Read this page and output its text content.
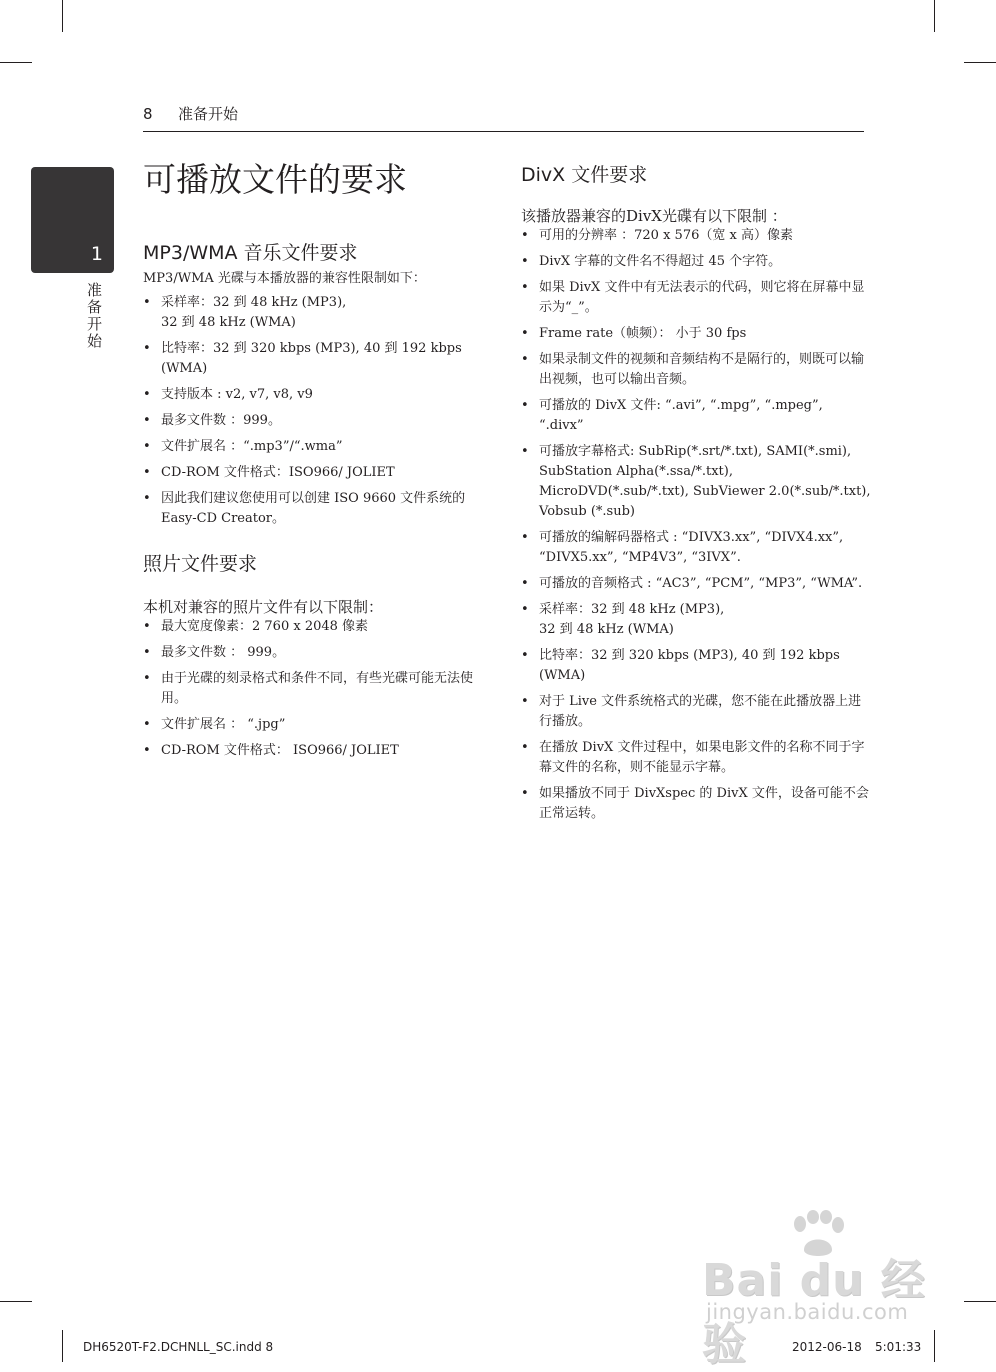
8 准备开始
1
准备开始
可播放文件的要求
MP3/WMA 音乐文件要求

MP3/WMA 光碟与本播放器的兼容性限制如下：

• 采样率：32 到 48 kHz (MP3),
32 到 48 kHz (WMA)
• 比特率：32 到 320 kbps (MP3), 40 到 192 kbps (WMA)
• 支持版本 : v2, v7, v8, v9
• 最多文件数 ：999。
• 文件扩展名 ：“.mp3”/“.wma”
• CD-ROM 文件格式：ISO966/ JOLIET
• 因此我们建议您使用可以创建 ISO 9660 文件系统的 Easy-CD Creator。
照片文件要求

本机对兼容的照片文件有以下限制：

• 最大宽度像素：2 760 x 2048 像素
• 最多文件数 ： 999。
• 由于光碟的刻录格式和条件不同，有些光碟可能无法使用。
• 文件扩展名 ： “.jpg”
• CD-ROM 文件格式： ISO966/ JOLIET
DivX 文件要求

该播放器兼容的DivX光碟有以下限制 ：

• 可用的分辨率 ：720 x 576（宽 x 高）像素
• DivX 字幕的文件名不得超过 45 个字符。
• 如果 DivX 文件中有无法表示的代码，则它将在屏幕中显示为“_”。
• Frame rate（帧频）： 小于 30 fps
• 如果录制文件的视频和音频结构不是隔行的，则既可以输出视频，也可以输出音频。
• 可播放的 DivX 文件: “.avi”, “.mpg”, “.mpeg”, “.divx”
• 可播放字幕格式: SubRip(*.srt/*.txt), SAMI(*.smi), SubStation Alpha(*.ssa/*.txt), MicroDVD(*.sub/*.txt), SubViewer 2.0(*.sub/*.txt), Vobsub (*.sub)
• 可播放的编解码器格式 : “DIVX3.xx”, “DIVX4.xx”, “DIVX5.xx”, “MP4V3”, “3IVX”.
• 可播放的音频格式 : “AC3”, “PCM”, “MP3”, “WMA”.
• 采样率：32 到 48 kHz (MP3),
32 到 48 kHz (WMA)
• 比特率：32 到 320 kbps (MP3), 40 到 192 kbps (WMA)
• 对于 Live 文件系统格式的光碟，您不能在此播放器上进行播放。
• 在播放 DivX 文件过程中，如果电影文件的名称不同于字幕文件的名称，则不能显示字幕。
• 如果播放不同于 DivXspec 的 DivX 文件，设备可能不会正常运转。
Bai du 经验
jingyan.baidu.com
DH6520T-F2.DCHNLL_SC.indd 8	2012-06-18 5:01:33
